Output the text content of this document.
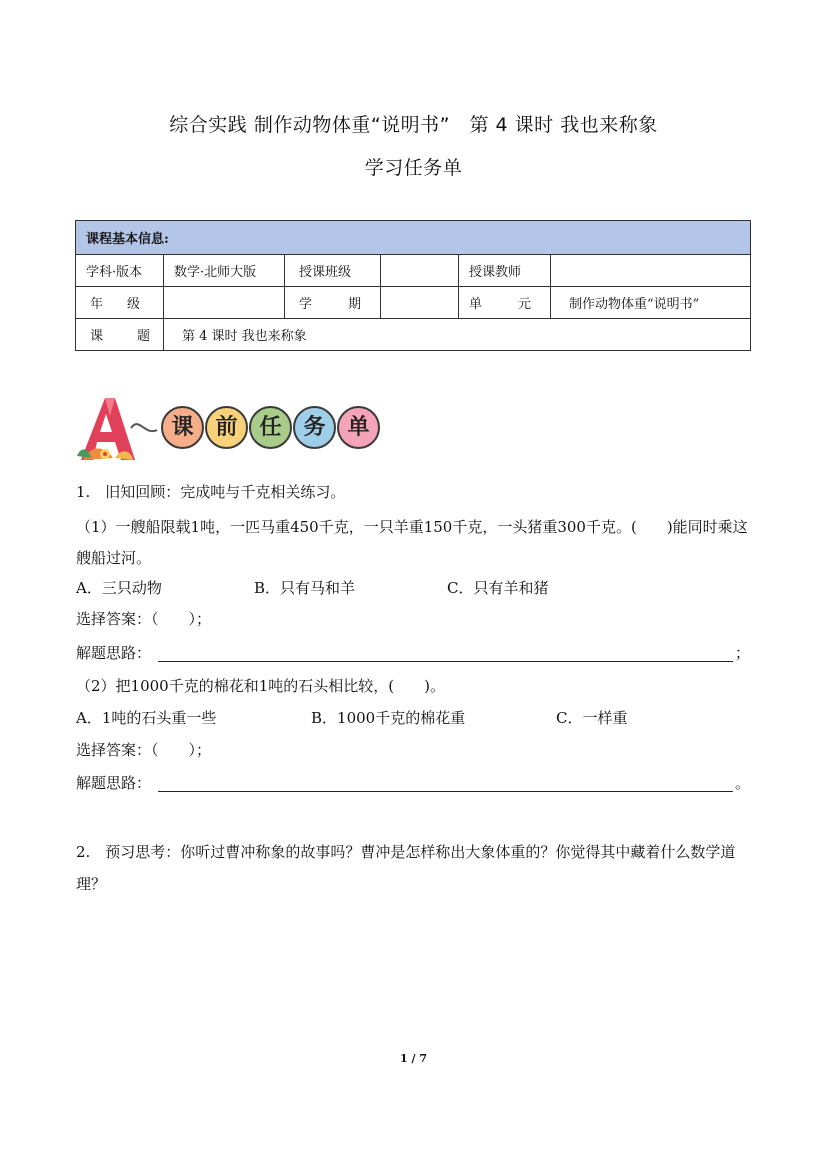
综合实践 制作动物体重“说明书”　第 4 课时 我也来称象
学习任务单
课程基本信息:					
学科·版本	数学·北师大版	授课班级		授课教师	

年　级		学　期		单　元	制作动物体重“说明书”

课　题	第 4 课时 我也来称象				
课 前 任 务 单
1.　旧知回顾：完成吨与千克相关练习。
（1）一艘船限载1吨，一匹马重450千克，一只羊重150千克，一头猪重300千克。(　　)能同时乘这艘船过河。
A．三只动物	B．只有马和羊	C．只有羊和猪
选择答案：（　　）；
解题思路：	；
（2）把1000千克的棉花和1吨的石头相比较，(　　)。
A．1吨的石头重一些	B．1000千克的棉花重	C．一样重
选择答案：（　　）；
解题思路：	。
2.　预习思考：你听过曹冲称象的故事吗？曹冲是怎样称出大象体重的？你觉得其中藏着什么数学道理？
1 / 7
